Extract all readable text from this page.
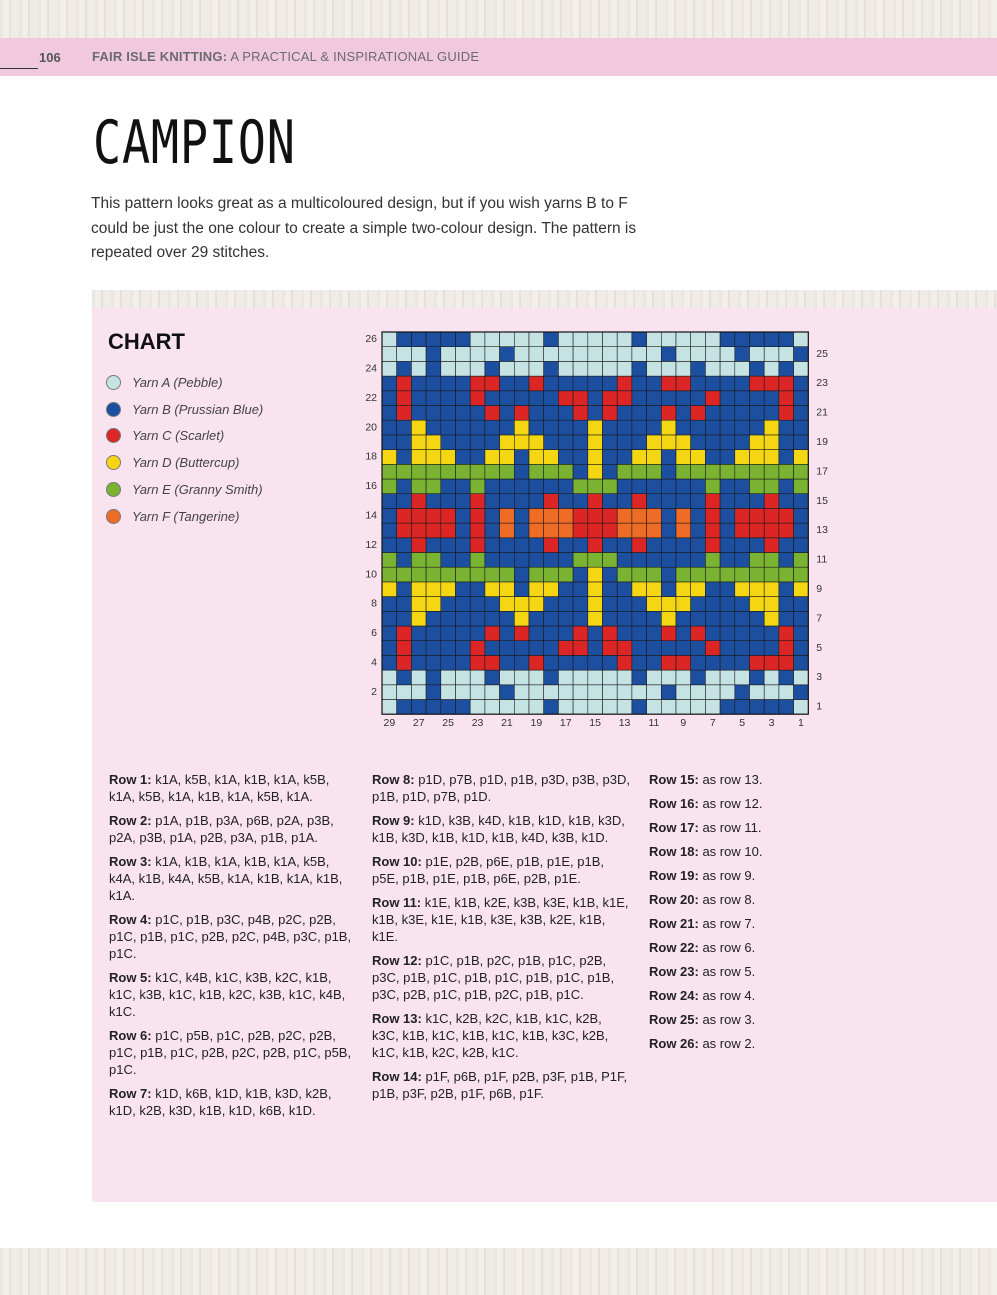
106 FAIR ISLE KNITTING: A PRACTICAL & INSPIRATIONAL GUIDE
CAMPION

This pattern looks great as a multicoloured design, but if you wish yarns B to F could be just the one colour to create a simple two-colour design. The pattern is repeated over 29 stitches.

CHART
Yarn A (Pebble)
Yarn B (Prussian Blue)
Yarn C (Scarlet)
Yarn D (Buttercup)
Yarn E (Granny Smith)
Yarn F (Tangerine)
26
24
22
20
18
16
14
12
10
8
6
4
2
25
23
21
19
17
15
13
11
9
7
5
3
1
29 27 25 23 21 19 17 15 13 11 9 7 5 3 1
Row 1: k1A, k5B, k1A, k1B, k1A, k5B, k1A, k5B, k1A, k1B, k1A, k5B, k1A.
Row 2: p1A, p1B, p3A, p6B, p2A, p3B, p2A, p3B, p1A, p2B, p3A, p1B, p1A.
Row 3: k1A, k1B, k1A, k1B, k1A, k5B, k4A, k1B, k4A, k5B, k1A, k1B, k1A, k1B, k1A.
Row 4: p1C, p1B, p3C, p4B, p2C, p2B, p1C, p1B, p1C, p2B, p2C, p4B, p3C, p1B, p1C.
Row 5: k1C, k4B, k1C, k3B, k2C, k1B, k1C, k3B, k1C, k1B, k2C, k3B, k1C, k4B, k1C.
Row 6: p1C, p5B, p1C, p2B, p2C, p2B, p1C, p1B, p1C, p2B, p2C, p2B, p1C, p5B, p1C.
Row 7: k1D, k6B, k1D, k1B, k3D, k2B, k1D, k2B, k3D, k1B, k1D, k6B, k1D.
Row 8: p1D, p7B, p1D, p1B, p3D, p3B, p3D, p1B, p1D, p7B, p1D.
Row 9: k1D, k3B, k4D, k1B, k1D, k1B, k3D, k1B, k3D, k1B, k1D, k1B, k4D, k3B, k1D.
Row 10: p1E, p2B, p6E, p1B, p1E, p1B, p5E, p1B, p1E, p1B, p6E, p2B, p1E.
Row 11: k1E, k1B, k2E, k3B, k3E, k1B, k1E, k1B, k3E, k1E, k1B, k3E, k3B, k2E, k1B, k1E.
Row 12: p1C, p1B, p2C, p1B, p1C, p2B, p3C, p1B, p1C, p1B, p1C, p1B, p1C, p1B, p3C, p2B, p1C, p1B, p2C, p1B, p1C.
Row 13: k1C, k2B, k2C, k1B, k1C, k2B, k3C, k1B, k1C, k1B, k1C, k1B, k3C, k2B, k1C, k1B, k2C, k2B, k1C.
Row 14: p1F, p6B, p1F, p2B, p3F, p1B, P1F, p1B, p3F, p2B, p1F, p6B, p1F.
Row 15: as row 13.
Row 16: as row 12.
Row 17: as row 11.
Row 18: as row 10.
Row 19: as row 9.
Row 20: as row 8.
Row 21: as row 7.
Row 22: as row 6.
Row 23: as row 5.
Row 24: as row 4.
Row 25: as row 3.
Row 26: as row 2.
